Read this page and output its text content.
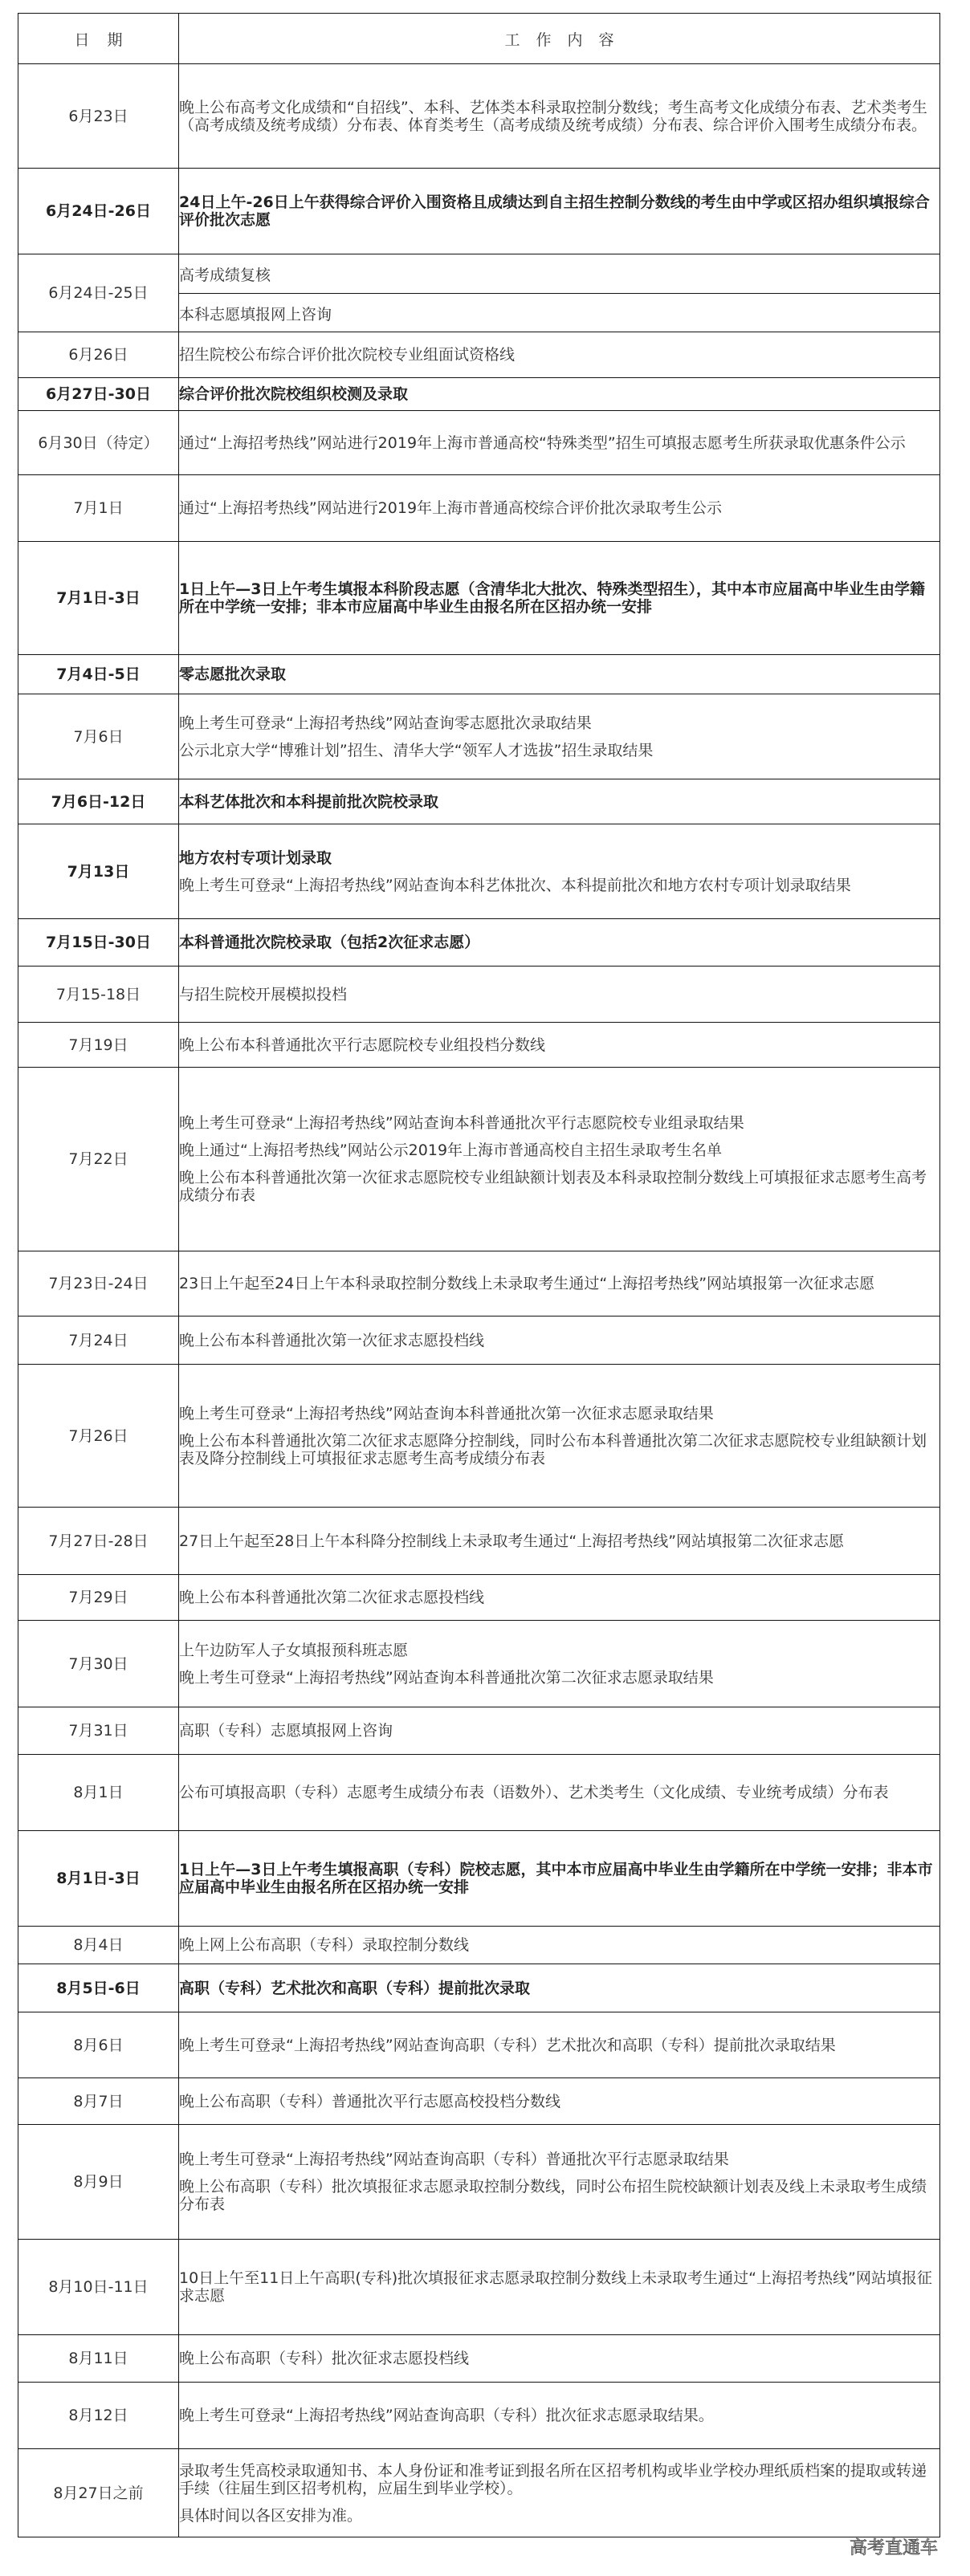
日期	工作内容
6月23日	晚上公布高考文化成绩和“自招线”、本科、艺体类本科录取控制分数线；考生高考文化成绩分布表、艺术类考生（高考成绩及统考成绩）分布表、体育类考生（高考成绩及统考成绩）分布表、综合评价入围考生成绩分布表。

6月24日-26日	24日上午-26日上午获得综合评价入围资格且成绩达到自主招生控制分数线的考生由中学或区招办组织填报综合评价批次志愿

6月24日-25日	高考成绩复核

	本科志愿填报网上咨询

6月26日	招生院校公布综合评价批次院校专业组面试资格线

6月27日-30日	综合评价批次院校组织校测及录取

6月30日（待定）	通过“上海招考热线”网站进行2019年上海市普通高校“特殊类型”招生可填报志愿考生所获录取优惠条件公示

7月1日	通过“上海招考热线”网站进行2019年上海市普通高校综合评价批次录取考生公示

7月1日-3日	1日上午—3日上午考生填报本科阶段志愿（含清华北大批次、特殊类型招生），其中本市应届高中毕业生由学籍所在中学统一安排；非本市应届高中毕业生由报名所在区招办统一安排

7月4日-5日	零志愿批次录取

7月6日	晚上考生可登录“上海招考热线”网站查询零志愿批次录取结果
公示北京大学“博雅计划”招生、清华大学“领军人才选拔”招生录取结果

7月6日-12日	本科艺体批次和本科提前批次院校录取

7月13日	地方农村专项计划录取
晚上考生可登录“上海招考热线”网站查询本科艺体批次、本科提前批次和地方农村专项计划录取结果

7月15日-30日	本科普通批次院校录取（包括2次征求志愿）

7月15-18日	与招生院校开展模拟投档

7月19日	晚上公布本科普通批次平行志愿院校专业组投档分数线

7月22日	晚上考生可登录“上海招考热线”网站查询本科普通批次平行志愿院校专业组录取结果
晚上通过“上海招考热线”网站公示2019年上海市普通高校自主招生录取考生名单
晚上公布本科普通批次第一次征求志愿院校专业组缺额计划表及本科录取控制分数线上可填报征求志愿考生高考成绩分布表

7月23日-24日	23日上午起至24日上午本科录取控制分数线上未录取考生通过“上海招考热线”网站填报第一次征求志愿

7月24日	晚上公布本科普通批次第一次征求志愿投档线

7月26日	晚上考生可登录“上海招考热线”网站查询本科普通批次第一次征求志愿录取结果
晚上公布本科普通批次第二次征求志愿降分控制线，同时公布本科普通批次第二次征求志愿院校专业组缺额计划表及降分控制线上可填报征求志愿考生高考成绩分布表

7月27日-28日	27日上午起至28日上午本科降分控制线上未录取考生通过“上海招考热线”网站填报第二次征求志愿

7月29日	晚上公布本科普通批次第二次征求志愿投档线

7月30日	上午边防军人子女填报预科班志愿
晚上考生可登录“上海招考热线”网站查询本科普通批次第二次征求志愿录取结果

7月31日	高职（专科）志愿填报网上咨询

8月1日	公布可填报高职（专科）志愿考生成绩分布表（语数外）、艺术类考生（文化成绩、专业统考成绩）分布表

8月1日-3日	1日上午—3日上午考生填报高职（专科）院校志愿，其中本市应届高中毕业生由学籍所在中学统一安排；非本市应届高中毕业生由报名所在区招办统一安排

8月4日	晚上网上公布高职（专科）录取控制分数线

8月5日-6日	高职（专科）艺术批次和高职（专科）提前批次录取

8月6日	晚上考生可登录“上海招考热线”网站查询高职（专科）艺术批次和高职（专科）提前批次录取结果

8月7日	晚上公布高职（专科）普通批次平行志愿高校投档分数线

8月9日	晚上考生可登录“上海招考热线”网站查询高职（专科）普通批次平行志愿录取结果
晚上公布高职（专科）批次填报征求志愿录取控制分数线，同时公布招生院校缺额计划表及线上未录取考生成绩分布表

8月10日-11日	10日上午至11日上午高职(专科)批次填报征求志愿录取控制分数线上未录取考生通过“上海招考热线”网站填报征求志愿

8月11日	晚上公布高职（专科）批次征求志愿投档线

8月12日	晚上考生可登录“上海招考热线”网站查询高职（专科）批次征求志愿录取结果。

8月27日之前	录取考生凭高校录取通知书、本人身份证和准考证到报名所在区招考机构或毕业学校办理纸质档案的提取或转递手续（往届生到区招考机构，应届生到毕业学校）。
具体时间以各区安排为准。
高考直通车
